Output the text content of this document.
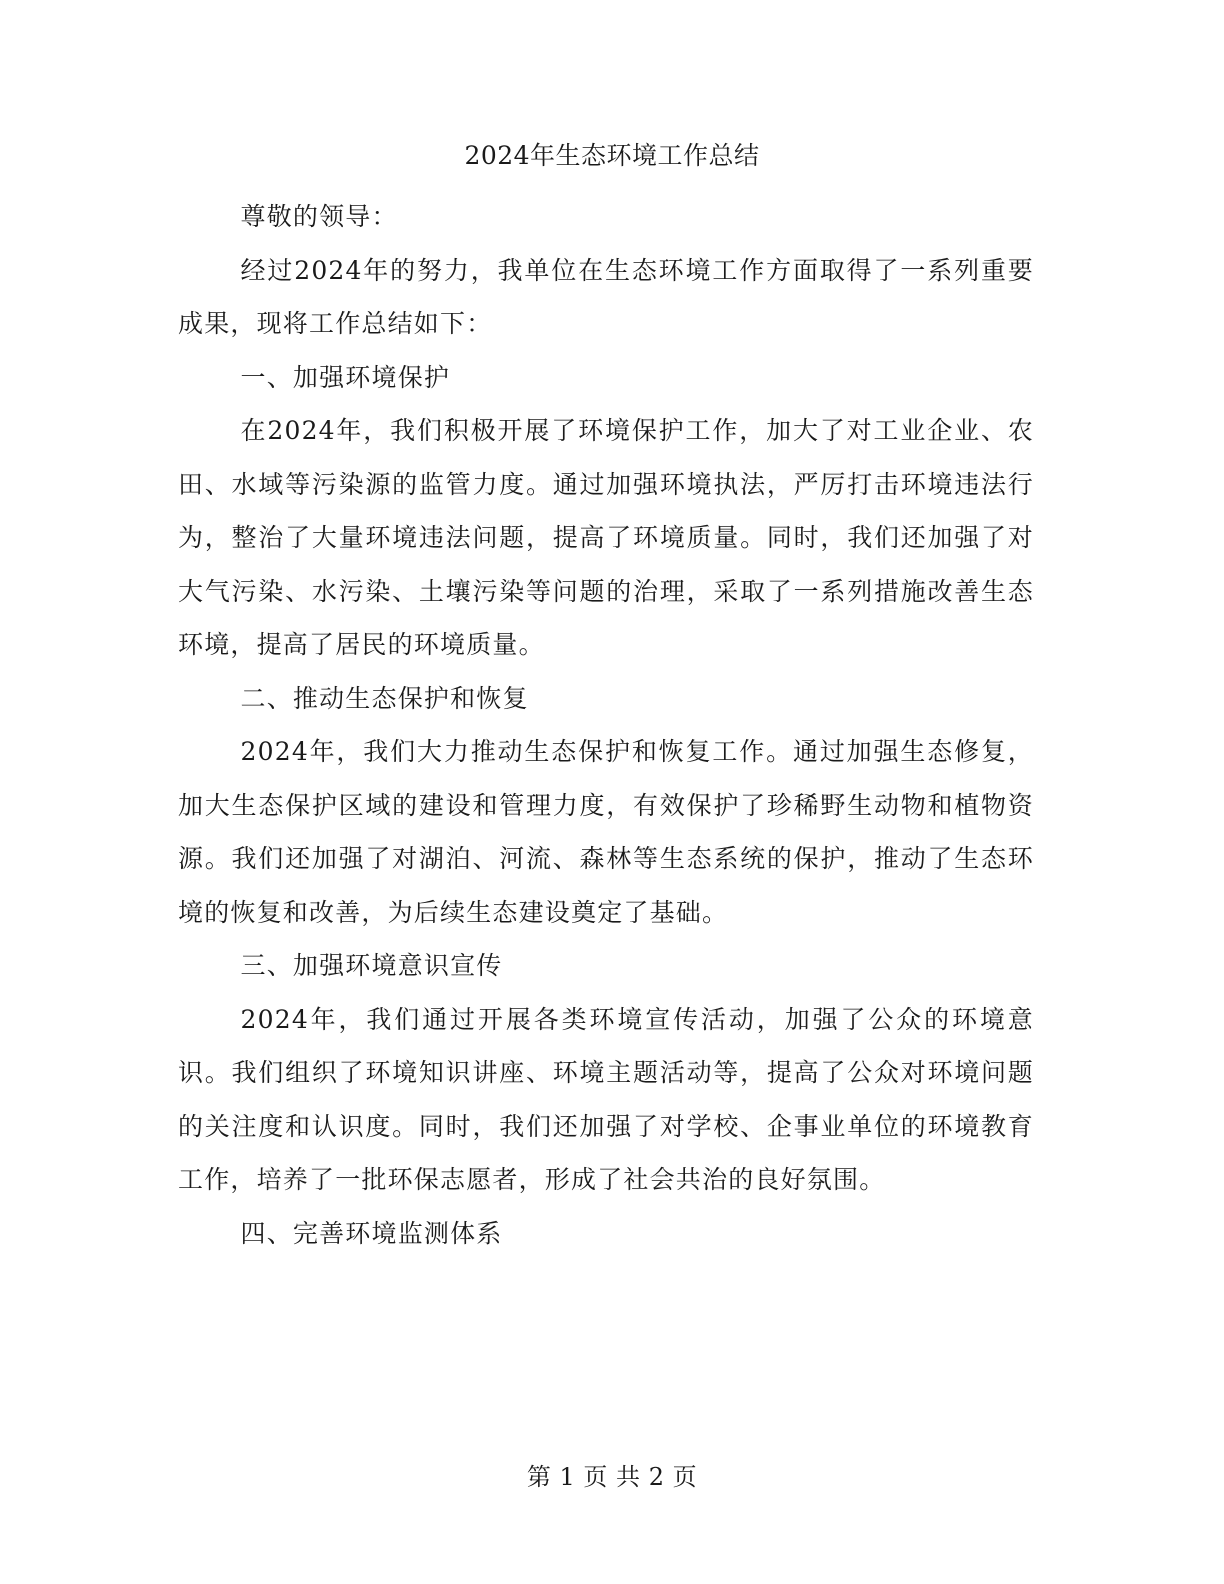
2024年生态环境工作总结

尊敬的领导：

经过2024年的努力，我单位在生态环境工作方面取得了一系列重要成果，现将工作总结如下：

一、加强环境保护

在2024年，我们积极开展了环境保护工作，加大了对工业企业、农田、水域等污染源的监管力度。通过加强环境执法，严厉打击环境违法行为，整治了大量环境违法问题，提高了环境质量。同时，我们还加强了对大气污染、水污染、土壤污染等问题的治理，采取了一系列措施改善生态环境，提高了居民的环境质量。

二、推动生态保护和恢复

2024年，我们大力推动生态保护和恢复工作。通过加强生态修复，加大生态保护区域的建设和管理力度，有效保护了珍稀野生动物和植物资源。我们还加强了对湖泊、河流、森林等生态系统的保护，推动了生态环境的恢复和改善，为后续生态建设奠定了基础。

三、加强环境意识宣传

2024年，我们通过开展各类环境宣传活动，加强了公众的环境意识。我们组织了环境知识讲座、环境主题活动等，提高了公众对环境问题的关注度和认识度。同时，我们还加强了对学校、企事业单位的环境教育工作，培养了一批环保志愿者，形成了社会共治的良好氛围。

四、完善环境监测体系

第 1 页 共 2 页
